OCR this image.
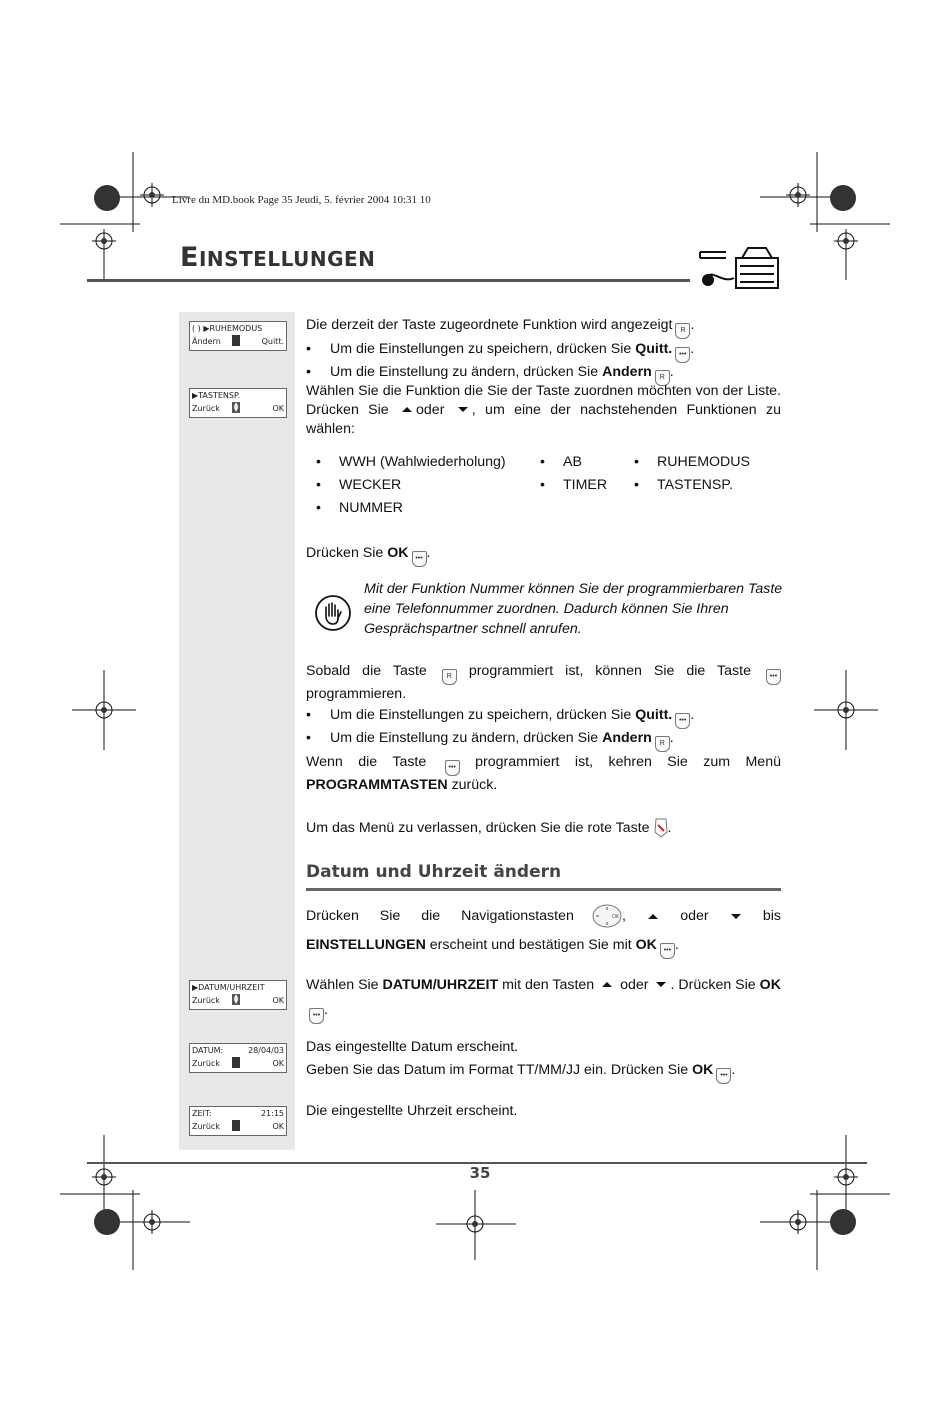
Livre du MD.book Page 35 Jeudi, 5. février 2004 10:31 10
EINSTELLUNGEN
( ) ▶RUHEMODUS
Ändern	Quitt.
▶TASTENSP.
Zurück ▲
▼	OK
▶DATUM/UHRZEIT
Zurück ▲
▼	OK
DATUM:	28/04/03
Zurück	OK
ZEIT:	21:15
Zurück	OK
Die derzeit der Taste zugeordnete Funktion wird angezeigt R .
• Um die Einstellungen zu speichern, drücken Sie Quitt. ••• .
• Um die Einstellung zu ändern, drücken Sie Andern R .
Wählen Sie die Funktion die Sie der Taste zuordnen möchten von der Liste. Drücken Sie oder , um eine der nachstehenden Funktionen zu wählen:
• WWH (Wahlwiederholung) • AB	• RUHEMODUS
• WECKER	• TIMER • TASTENSP.
• NUMMER
Drücken Sie OK ••• .
Mit der Funktion Nummer können Sie der programmierbaren Taste eine Telefonnummer zuordnen. Dadurch können Sie Ihren Gesprächspartner schnell anrufen.
Sobald die Taste	R programmiert ist, können Sie die Taste	••• programmieren.
• Um die Einstellungen zu speichern, drücken Sie Quitt. ••• .
• Um die Einstellung zu ändern, drücken Sie Andern R .
Wenn die Taste	••• programmiert ist, kehren Sie zum Menü PROGRAMMTASTEN zurück.
Um das Menü zu verlassen, drücken Sie die rote Taste .
Datum und Uhrzeit ändern
Drücken Sie die Navigationstasten	OK ,	oder	bis
EINSTELLUNGEN erscheint und bestätigen Sie mit OK ••• .
Wählen Sie DATUM/UHRZEIT mit den Tasten oder . Drücken Sie OK••• .
Das eingestellte Datum erscheint.
Geben Sie das Datum im Format TT/MM/JJ ein. Drücken Sie OK ••• .
Die eingestellte Uhrzeit erscheint.
35
